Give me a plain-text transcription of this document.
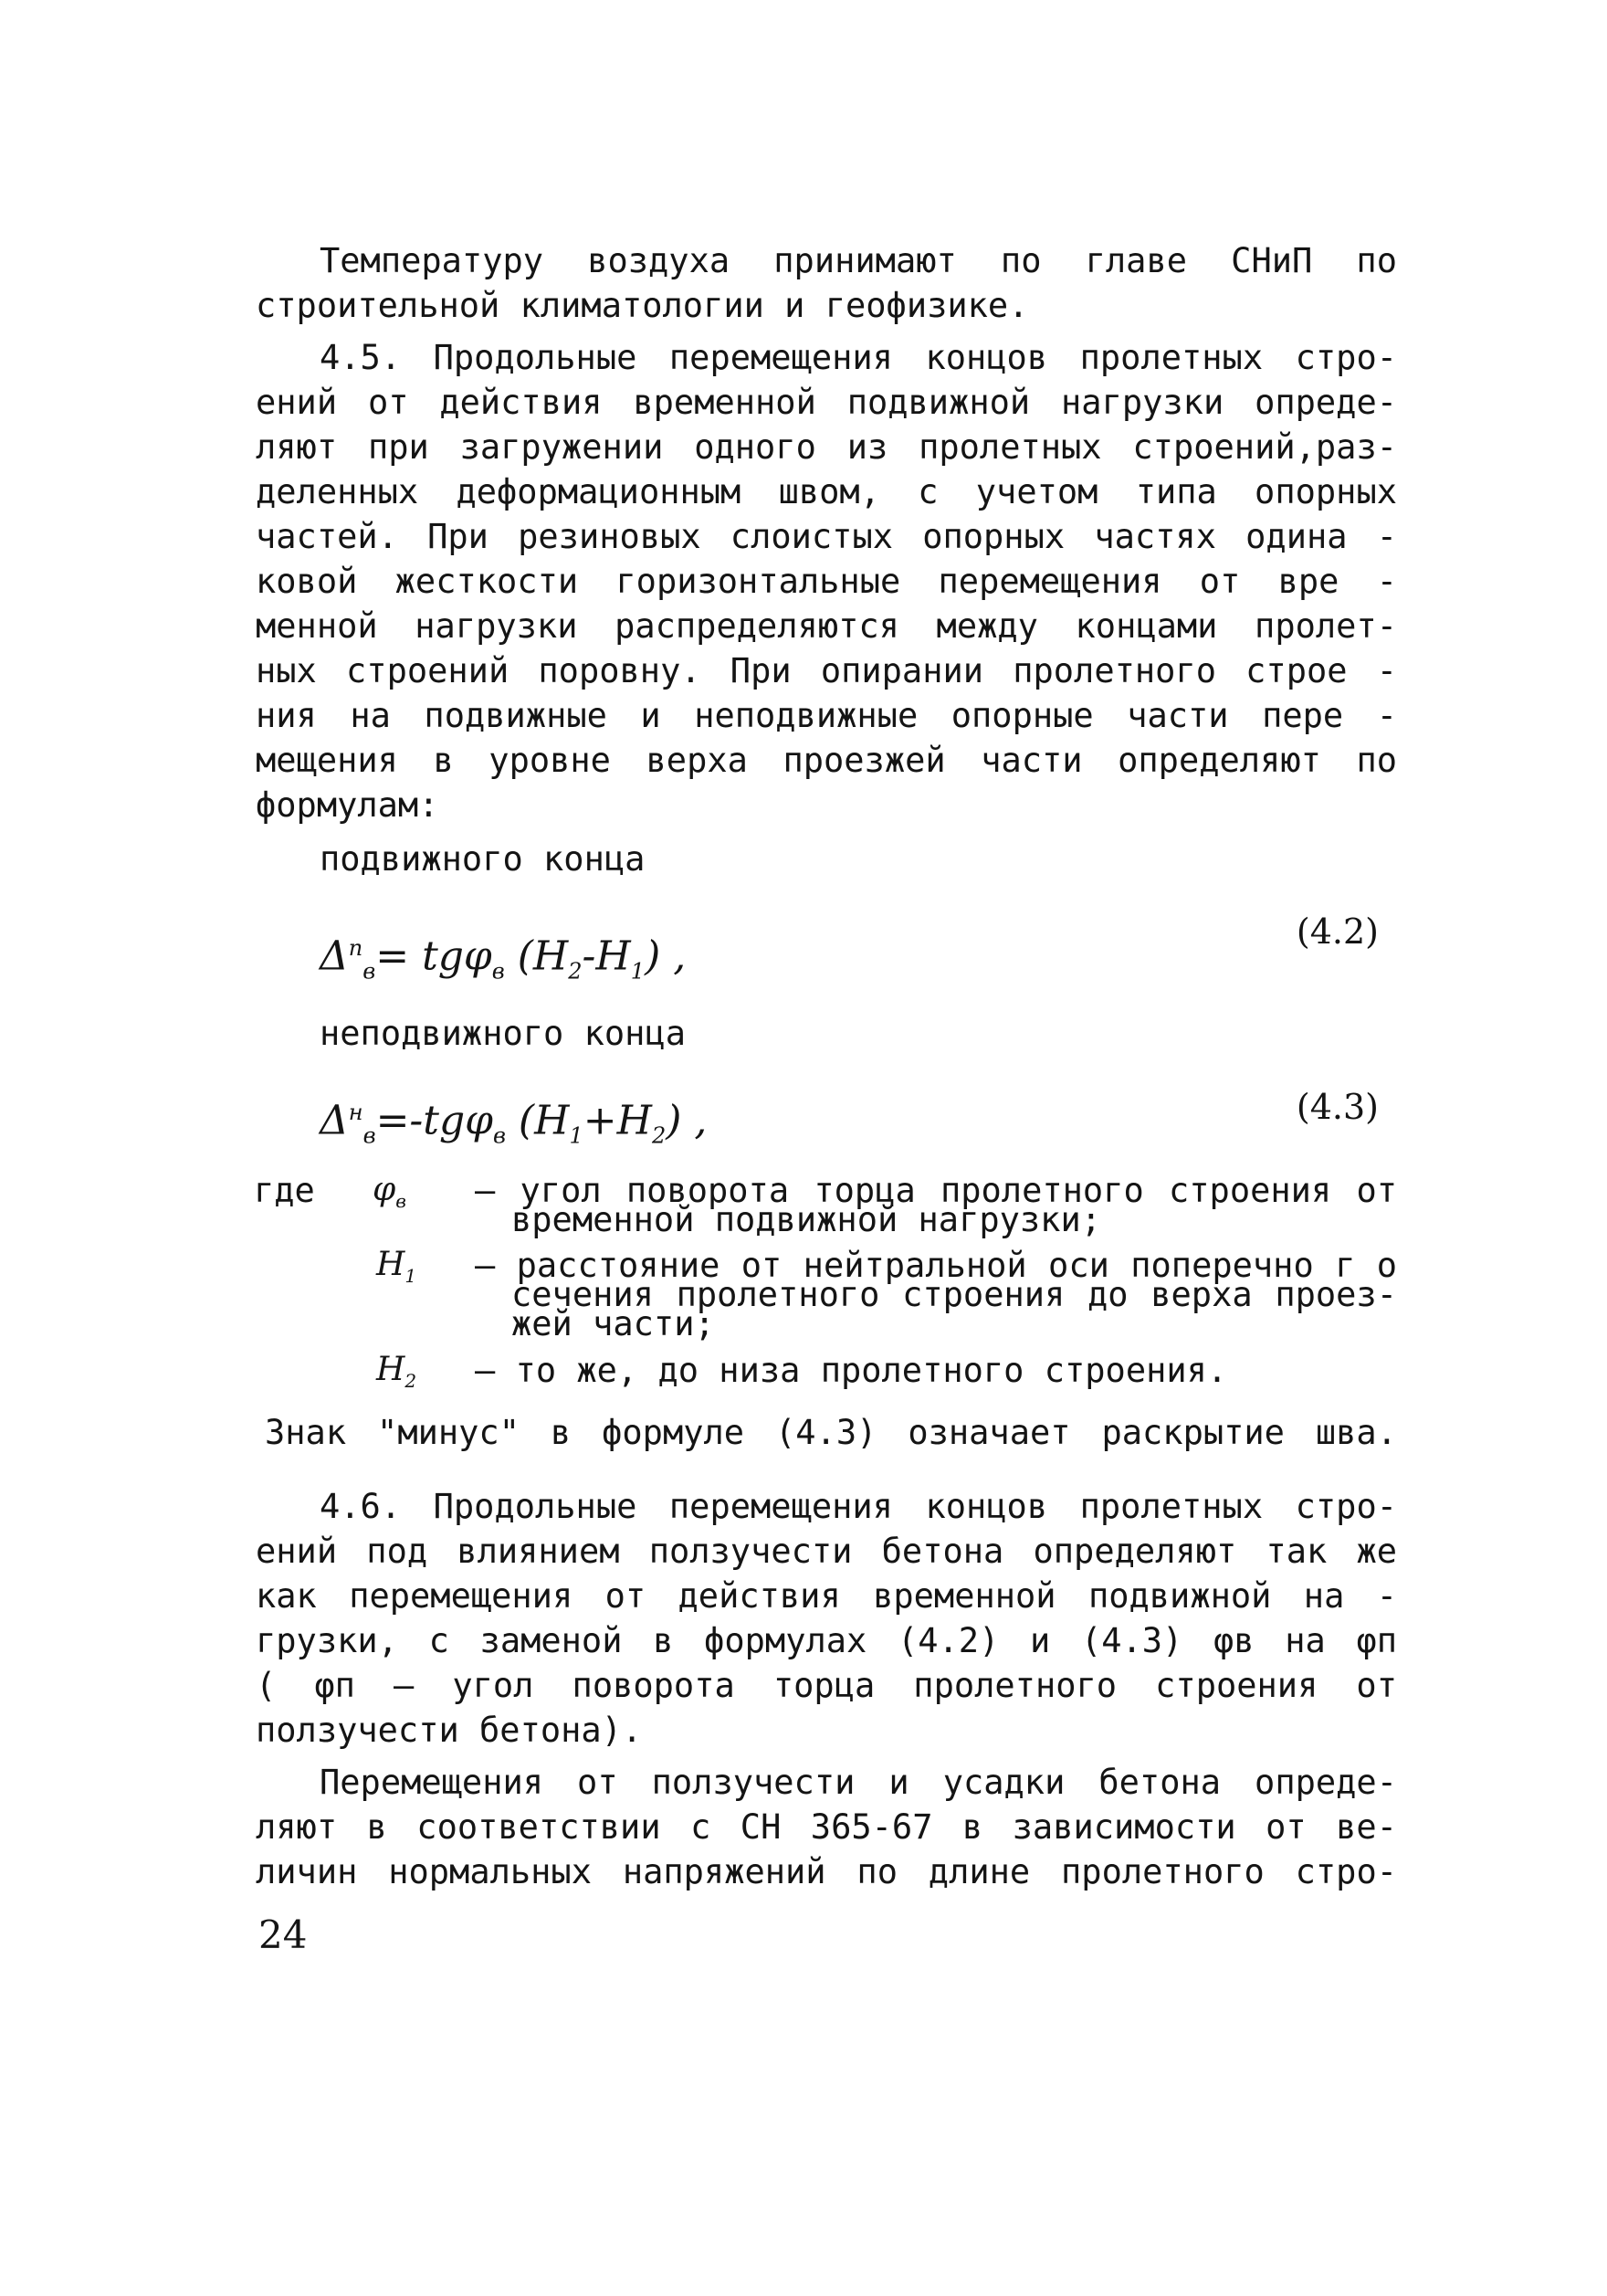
Температуру воздуха принимают по главе СНиП по
строительной климатологии и геофизике.
4.5. Продольные перемещения концов пролетных стро-
ений от действия временной подвижной нагрузки опреде-
ляют при загружении одного из пролетных строений,раз-
деленных деформационным швом, с учетом типа опорных
частей. При резиновых слоистых опорных частях одина -
ковой жесткости горизонтальные перемещения от вре -
менной нагрузки распределяются между концами пролет-
ных строений поровну. При опирании пролетного строе -
ния на подвижные и неподвижные опорные части пере -
мещения в уровне верха проезжей части определяют по
формулам:
подвижного конца
$\Delta^п_в= tg\varphi_в$ $(H_2-H_1)$ ,
(4.2)
неподвижного конца
$\Delta^н_в=-tg\varphi_в$ $(H_1+H_2)$ ,	(4.3)
где $\varphi_в$ – угол поворота торца пролетного строения от
временной подвижной нагрузки;
$H_1$ – расстояние от нейтральной оси поперечно г о
сечения пролетного строения до верха проез-
жей части;
$H_2$ – то же, до низа пролетного строения.
Знак "минус" в формуле (4.3) означает раскрытие шва.
4.6. Продольные перемещения концов пролетных стро-
ений под влиянием ползучести бетона определяют так же
как перемещения от действия временной подвижной на -
грузки, с заменой в формулах (4.2) и (4.3) φв на φп
( φп – угол поворота торца пролетного строения от
ползучести бетона).
Перемещения от ползучести и усадки бетона опреде-
ляют в соответствии с СН 365-67 в зависимости от ве-
личин нормальных напряжений по длине пролетного стро-
24
